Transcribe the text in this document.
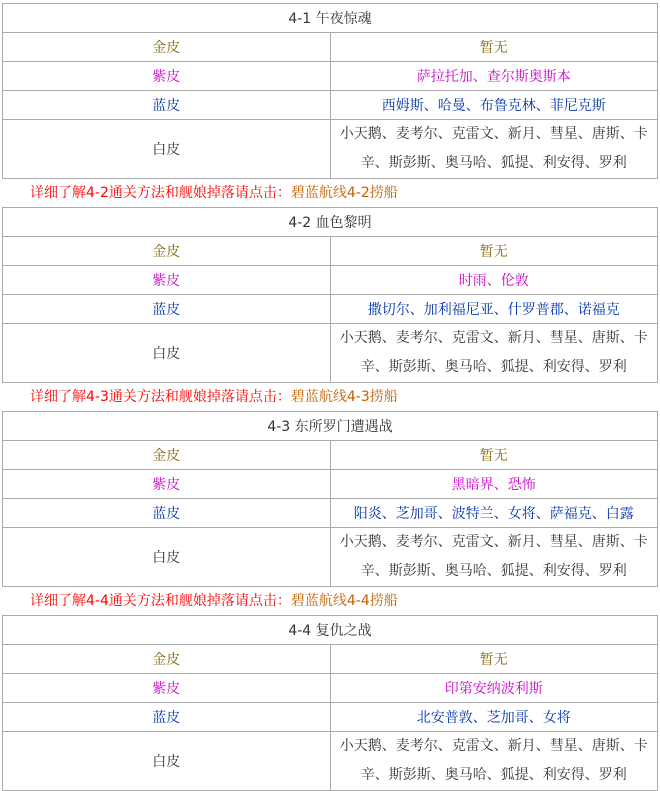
4-1 午夜惊魂	
金皮	暂无
紫皮	萨拉托加、查尔斯奥斯本
蓝皮	西姆斯、哈曼、布鲁克林、菲尼克斯
白皮	小天鹅、麦考尔、克雷文、新月、彗星、唐斯、卡辛、斯彭斯、奥马哈、狐提、利安得、罗利
详细了解4-2通关方法和舰娘掉落请点击：碧蓝航线4-2捞船
4-2 血色黎明	
金皮	暂无
紫皮	时雨、伦敦
蓝皮	撒切尔、加利福尼亚、什罗普郡、诺福克
白皮	小天鹅、麦考尔、克雷文、新月、彗星、唐斯、卡辛、斯彭斯、奥马哈、狐提、利安得、罗利
详细了解4-3通关方法和舰娘掉落请点击：碧蓝航线4-3捞船
4-3 东所罗门遭遇战	
金皮	暂无
紫皮	黑暗界、恐怖
蓝皮	阳炎、芝加哥、波特兰、女将、萨福克、白露
白皮	小天鹅、麦考尔、克雷文、新月、彗星、唐斯、卡辛、斯彭斯、奥马哈、狐提、利安得、罗利
详细了解4-4通关方法和舰娘掉落请点击：碧蓝航线4-4捞船
4-4 复仇之战	
金皮	暂无
紫皮	印第安纳波利斯
蓝皮	北安普敦、芝加哥、女将
白皮	小天鹅、麦考尔、克雷文、新月、彗星、唐斯、卡辛、斯彭斯、奥马哈、狐提、利安得、罗利
